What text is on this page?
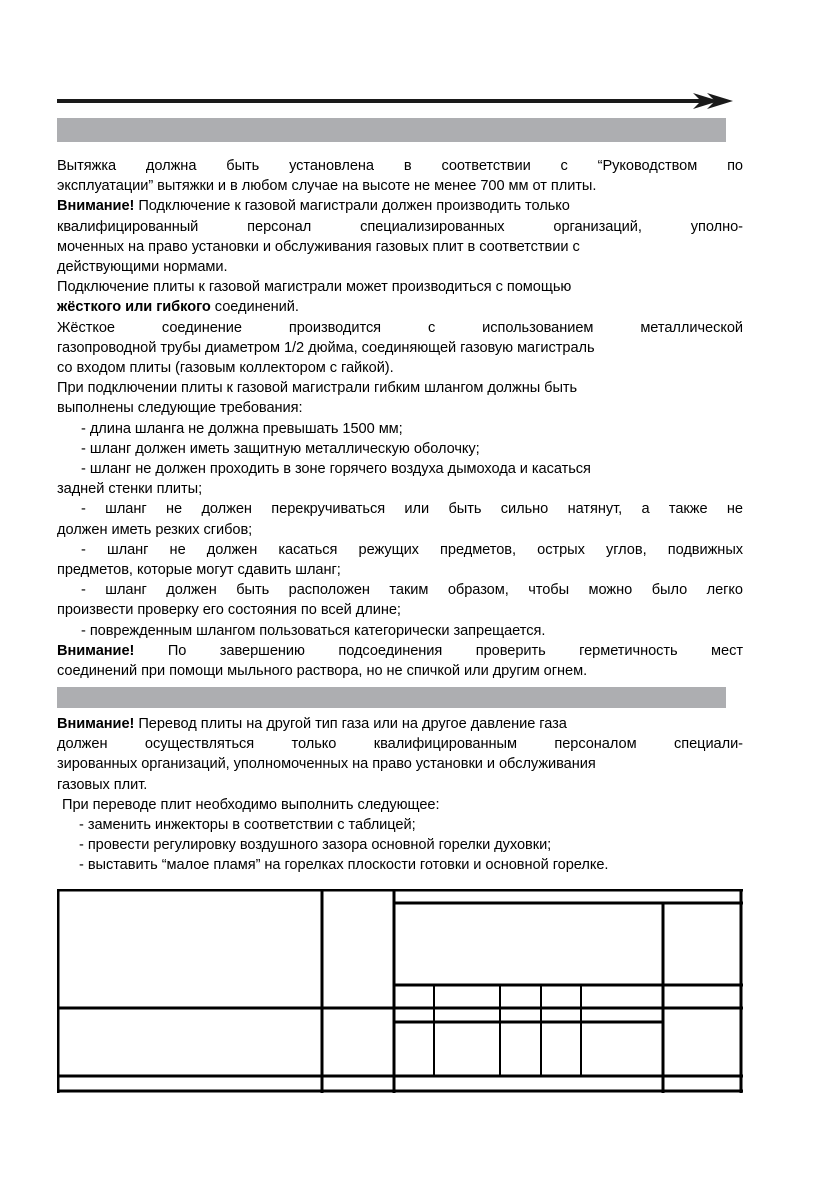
Вытяжка должна быть установлена в соответствии с “Руководством по
эксплуатации” вытяжки и в любом случае на высоте не менее 700 мм от плиты.

Внимание! Подключение к газовой магистрали должен производить только
квалифицированный персонал специализированных организаций, уполно-
моченных на право установки и обслуживания газовых плит в соответствии с
действующими нормами.

Подключение плиты к газовой магистрали может производиться с помощью
жёсткого или гибкого соединений.

Жёсткое соединение производится с использованием металлической
газопроводной трубы диаметром 1/2 дюйма, соединяющей газовую магистраль
со входом плиты (газовым коллектором с гайкой).

При подключении плиты к газовой магистрали гибким шлангом должны быть
выполнены следующие требования:

- длина шланга не должна превышать 1500 мм;

- шланг должен иметь защитную металлическую оболочку;

- шланг не должен проходить в зоне горячего воздуха дымохода и касаться
задней стенки плиты;

- шланг не должен перекручиваться или быть сильно натянут, а также не
должен иметь резких сгибов;

- шланг не должен касаться режущих предметов, острых углов, подвижных
предметов, которые могут сдавить шланг;

- шланг должен быть расположен таким образом, чтобы можно было легко
произвести проверку его состояния по всей длине;

- поврежденным шлангом пользоваться категорически запрещается.

Внимание! По завершению подсоединения проверить герметичность мест
соединений при помощи мыльного раствора, но не спичкой или другим огнем.

Внимание! Перевод плиты на другой тип газа или на другое давление газа
должен осуществляться только квалифицированным персоналом специали-
зированных организаций, уполномоченных на право установки и обслуживания
газовых плит.

При переводе плит необходимо выполнить следующее:

- заменить инжекторы в соответствии с таблицей;

- провести регулировку воздушного зазора основной горелки духовки;

- выставить “малое пламя” на горелках плоскости готовки и основной горелке.
